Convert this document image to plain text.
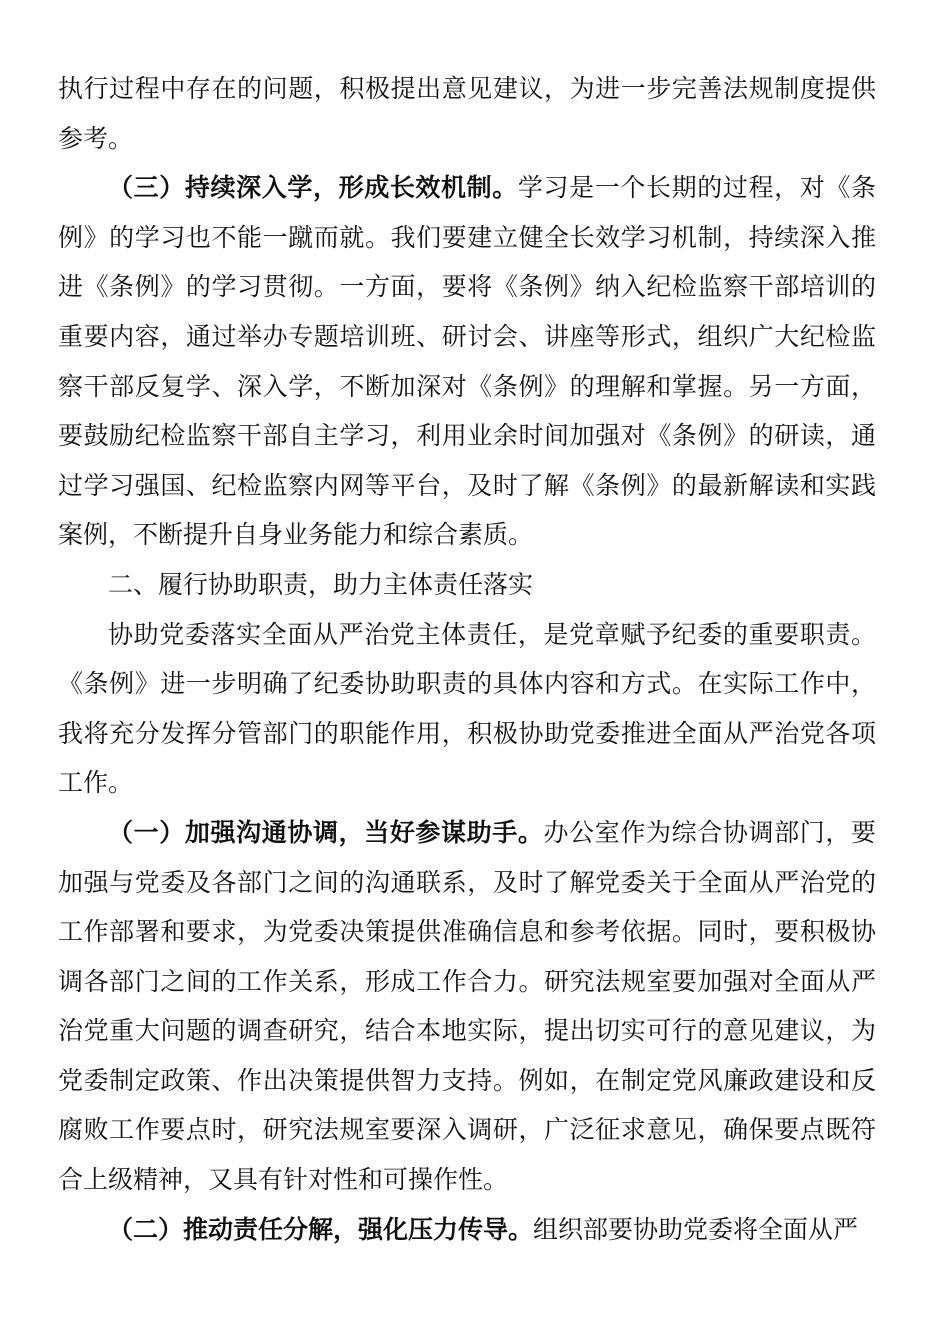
执行过程中存在的问题，积极提出意见建议，为进一步完善法规制度提供参考。

（三）持续深入学，形成长效机制。学习是一个长期的过程，对《条例》的学习也不能一蹴而就。我们要建立健全长效学习机制，持续深入推进《条例》的学习贯彻。一方面，要将《条例》纳入纪检监察干部培训的重要内容，通过举办专题培训班、研讨会、讲座等形式，组织广大纪检监察干部反复学、深入学，不断加深对《条例》的理解和掌握。另一方面，要鼓励纪检监察干部自主学习，利用业余时间加强对《条例》的研读，通过学习强国、纪检监察内网等平台，及时了解《条例》的最新解读和实践案例，不断提升自身业务能力和综合素质。

二、履行协助职责，助力主体责任落实

协助党委落实全面从严治党主体责任，是党章赋予纪委的重要职责。《条例》进一步明确了纪委协助职责的具体内容和方式。在实际工作中，我将充分发挥分管部门的职能作用，积极协助党委推进全面从严治党各项工作。

（一）加强沟通协调，当好参谋助手。办公室作为综合协调部门，要加强与党委及各部门之间的沟通联系，及时了解党委关于全面从严治党的工作部署和要求，为党委决策提供准确信息和参考依据。同时，要积极协调各部门之间的工作关系，形成工作合力。研究法规室要加强对全面从严治党重大问题的调查研究，结合本地实际，提出切实可行的意见建议，为党委制定政策、作出决策提供智力支持。例如，在制定党风廉政建设和反腐败工作要点时，研究法规室要深入调研，广泛征求意见，确保要点既符合上级精神，又具有针对性和可操作性。

（二）推动责任分解，强化压力传导。组织部要协助党委将全面从严
